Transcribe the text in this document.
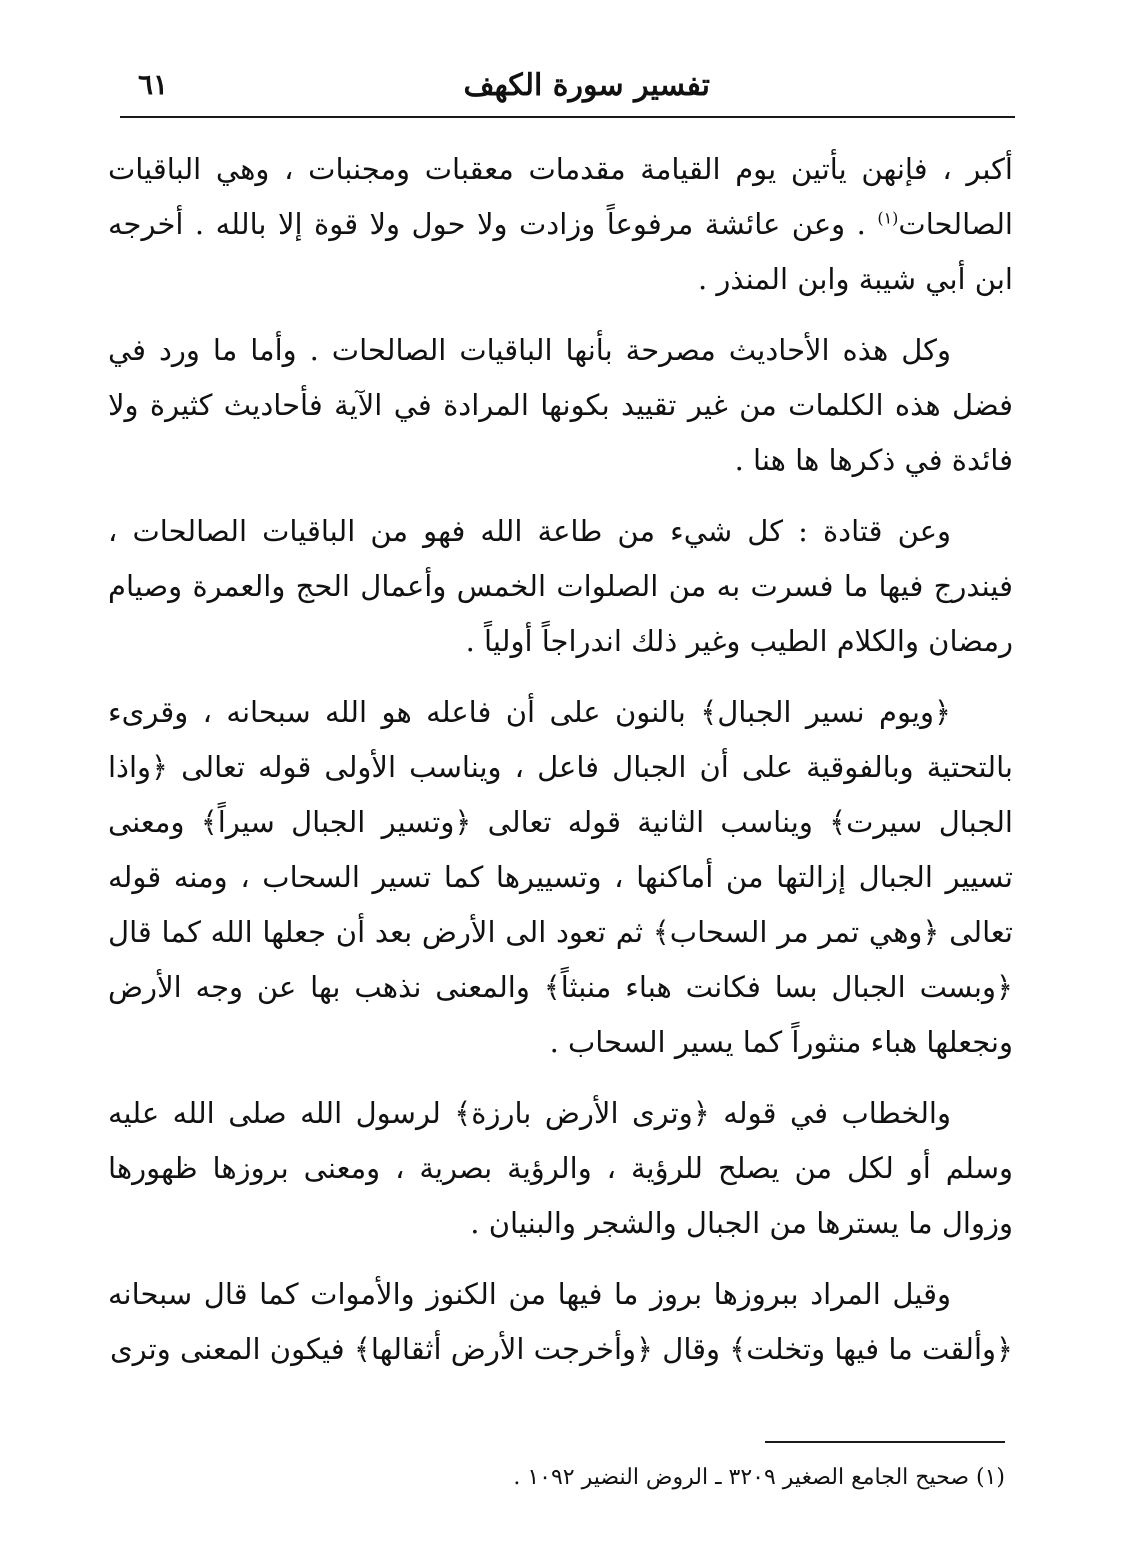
تفسير سورة الكهف
٦١

أكبر ، فإنهن يأتين يوم القيامة مقدمات معقبات ومجنبات ، وهي الباقيات الصالحات$^{(١)}$ . وعن عائشة مرفوعاً وزادت ولا حول ولا قوة إلا بالله . أخرجه ابن أبي شيبة وابن المنذر .

وكل هذه الأحاديث مصرحة بأنها الباقيات الصالحات . وأما ما ورد في فضل هذه الكلمات من غير تقييد بكونها المرادة في الآية فأحاديث كثيرة ولا فائدة في ذكرها ها هنا .

وعن قتادة : كل شيء من طاعة الله فهو من الباقيات الصالحات ، فيندرج فيها ما فسرت به من الصلوات الخمس وأعمال الحج والعمرة وصيام رمضان والكلام الطيب وغير ذلك اندراجاً أولياً .

﴿ويوم نسير الجبال﴾ بالنون على أن فاعله هو الله سبحانه ، وقرىء بالتحتية وبالفوقية على أن الجبال فاعل ، ويناسب الأولى قوله تعالى ﴿واذا الجبال سيرت﴾ ويناسب الثانية قوله تعالى ﴿وتسير الجبال سيراً﴾ ومعنى تسيير الجبال إزالتها من أماكنها ، وتسييرها كما تسير السحاب ، ومنه قوله تعالى ﴿وهي تمر مر السحاب﴾ ثم تعود الى الأرض بعد أن جعلها الله كما قال ﴿وبست الجبال بسا فكانت هباء منبثاً﴾ والمعنى نذهب بها عن وجه الأرض ونجعلها هباء منثوراً كما يسير السحاب .

والخطاب في قوله ﴿وترى الأرض بارزة﴾ لرسول الله صلى الله عليه وسلم أو لكل من يصلح للرؤية ، والرؤية بصرية ، ومعنى بروزها ظهورها وزوال ما يسترها من الجبال والشجر والبنيان .

وقيل المراد ببروزها بروز ما فيها من الكنوز والأموات كما قال سبحانه ﴿وألقت ما فيها وتخلت﴾ وقال ﴿وأخرجت الأرض أثقالها﴾ فيكون المعنى وترى

(١) صحيح الجامع الصغير ٣٢٠٩ ـ الروض النضير ١٠٩٢ .
